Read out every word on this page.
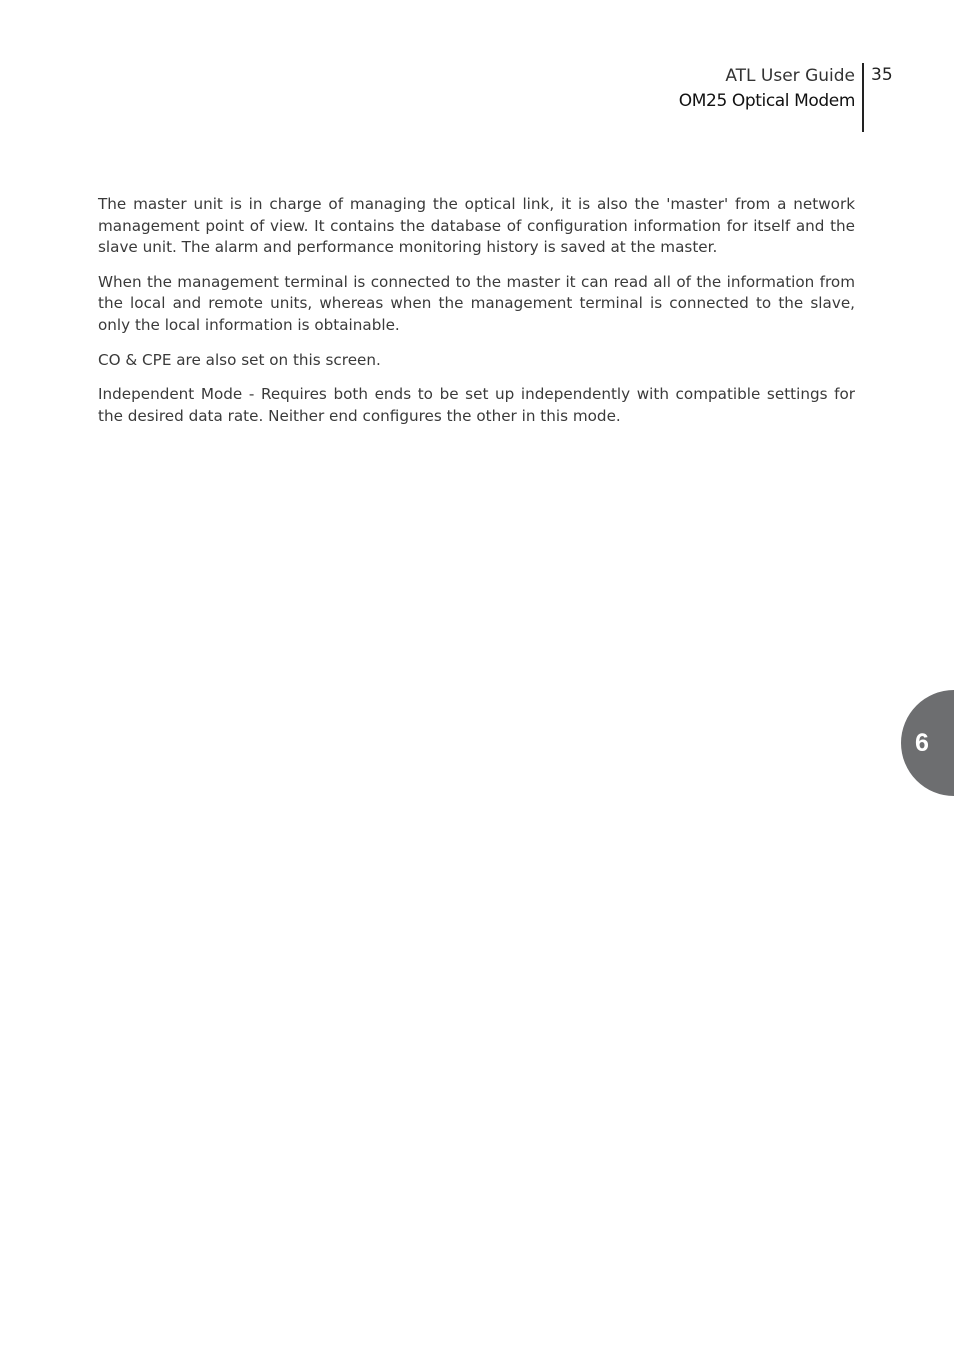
ATL User Guide
OM25 Optical Modem
35

The master unit is in charge of managing the optical link, it is also the 'master' from a network management point of view. It contains the database of configuration information for itself and the slave unit. The alarm and performance monitoring history is saved at the master.

When the management terminal is connected to the master it can read all of the information from the local and remote units, whereas when the management terminal is connected to the slave, only the local information is obtainable.

CO & CPE are also set on this screen.

Independent Mode - Requires both ends to be set up independently with compatible settings for the desired data rate. Neither end configures the other in this mode.

6
